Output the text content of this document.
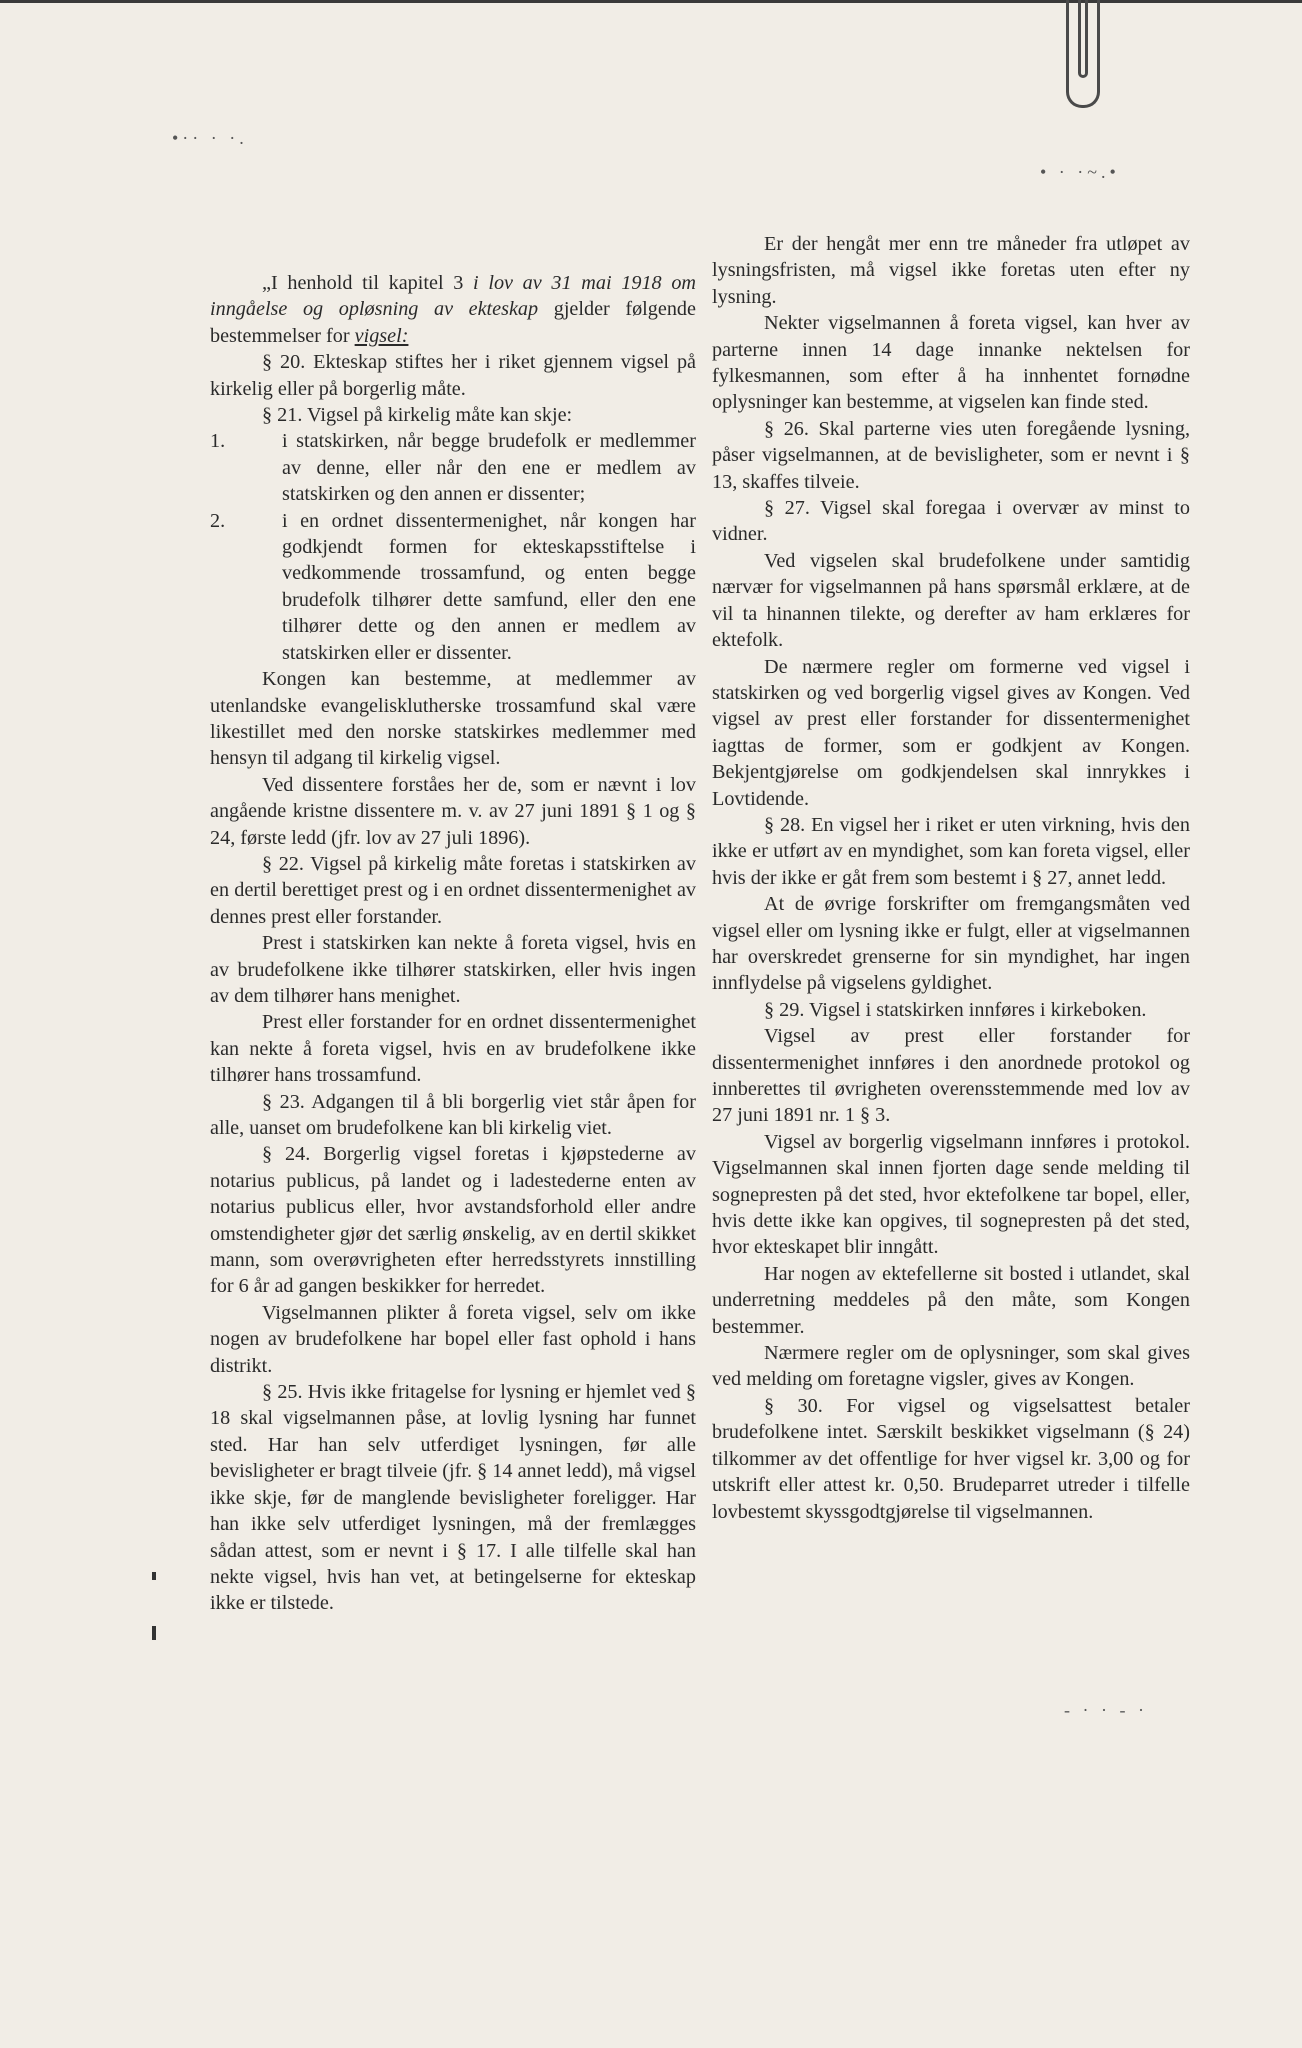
•·· · ·.
• · ·~.•
- · · - ·

„I henhold til kapitel 3 i lov av 31 mai 1918 om inngåelse og opløsning av ekteskap gjelder følgende bestemmelser for vigsel:

§ 20. Ekteskap stiftes her i riket gjennem vigsel på kirkelig eller på borgerlig måte.

§ 21. Vigsel på kirkelig måte kan skje:

1.	i statskirken, når begge brudefolk er medlemmer av denne, eller når den ene er medlem av statskirken og den annen er dissenter;
2.	i en ordnet dissentermenighet, når kongen har godkjendt formen for ekteskapsstiftelse i vedkommende trossamfund, og enten begge brudefolk tilhører dette samfund, eller den ene tilhører dette og den annen er medlem av statskirken eller er dissenter.

Kongen kan bestemme, at medlemmer av utenlandske evangelisklutherske trossamfund skal være likestillet med den norske statskirkes medlemmer med hensyn til adgang til kirkelig vigsel.

Ved dissentere forståes her de, som er nævnt i lov angående kristne dissentere m. v. av 27 juni 1891 § 1 og § 24, første ledd (jfr. lov av 27 juli 1896).

§ 22. Vigsel på kirkelig måte foretas i statskirken av en dertil berettiget prest og i en ordnet dissentermenighet av dennes prest eller forstander.

Prest i statskirken kan nekte å foreta vigsel, hvis en av brudefolkene ikke tilhører statskirken, eller hvis ingen av dem tilhører hans menighet.

Prest eller forstander for en ordnet dissentermenighet kan nekte å foreta vigsel, hvis en av brudefolkene ikke tilhører hans trossamfund.

§ 23. Adgangen til å bli borgerlig viet står åpen for alle, uanset om brudefolkene kan bli kirkelig viet.

§ 24. Borgerlig vigsel foretas i kjøpstederne av notarius publicus, på landet og i ladestederne enten av notarius publicus eller, hvor avstandsforhold eller andre omstendigheter gjør det særlig ønskelig, av en dertil skikket mann, som overøvrigheten efter herredsstyrets innstilling for 6 år ad gangen beskikker for herredet.

Vigselmannen plikter å foreta vigsel, selv om ikke nogen av brudefolkene har bopel eller fast ophold i hans distrikt.

§ 25. Hvis ikke fritagelse for lysning er hjemlet ved § 18 skal vigselmannen påse, at lovlig lysning har funnet sted. Har han selv utferdiget lysningen, før alle bevisligheter er bragt tilveie (jfr. § 14 annet ledd), må vigsel ikke skje, før de manglende bevisligheter foreligger. Har han ikke selv utferdiget lysningen, må der fremlægges sådan attest, som er nevnt i § 17. I alle tilfelle skal han nekte vigsel, hvis han vet, at betingelserne for ekteskap ikke er tilstede.

Er der hengåt mer enn tre måneder fra utløpet av lysningsfristen, må vigsel ikke foretas uten efter ny lysning.

Nekter vigselmannen å foreta vigsel, kan hver av parterne innen 14 dage innanke nektelsen for fylkesmannen, som efter å ha innhentet fornødne oplysninger kan bestemme, at vigselen kan finde sted.

§ 26. Skal parterne vies uten foregående lysning, påser vigselmannen, at de bevisligheter, som er nevnt i § 13, skaffes tilveie.

§ 27. Vigsel skal foregaa i overvær av minst to vidner.

Ved vigselen skal brudefolkene under samtidig nærvær for vigselmannen på hans spørsmål erklære, at de vil ta hinannen tilekte, og derefter av ham erklæres for ektefolk.

De nærmere regler om formerne ved vigsel i statskirken og ved borgerlig vigsel gives av Kongen. Ved vigsel av prest eller forstander for dissentermenighet iagttas de former, som er godkjent av Kongen. Bekjentgjørelse om godkjendelsen skal innrykkes i Lovtidende.

§ 28. En vigsel her i riket er uten virkning, hvis den ikke er utført av en myndighet, som kan foreta vigsel, eller hvis der ikke er gåt frem som bestemt i § 27, annet ledd.

At de øvrige forskrifter om fremgangsmåten ved vigsel eller om lysning ikke er fulgt, eller at vigselmannen har overskredet grenserne for sin myndighet, har ingen innflydelse på vigselens gyldighet.

§ 29. Vigsel i statskirken innføres i kirkeboken.

Vigsel av prest eller forstander for dissentermenighet innføres i den anordnede protokol og innberettes til øvrigheten overensstemmende med lov av 27 juni 1891 nr. 1 § 3.

Vigsel av borgerlig vigselmann innføres i protokol. Vigselmannen skal innen fjorten dage sende melding til sognepresten på det sted, hvor ektefolkene tar bopel, eller, hvis dette ikke kan opgives, til sognepresten på det sted, hvor ekteskapet blir inngått.

Har nogen av ektefellerne sit bosted i utlandet, skal underretning meddeles på den måte, som Kongen bestemmer.

Nærmere regler om de oplysninger, som skal gives ved melding om foretagne vigsler, gives av Kongen.

§ 30. For vigsel og vigselsattest betaler brudefolkene intet. Særskilt beskikket vigselmann (§ 24) tilkommer av det offentlige for hver vigsel kr. 3,00 og for utskrift eller attest kr. 0,50. Brudeparret utreder i tilfelle lovbestemt skyssgodtgjørelse til vigselmannen.
